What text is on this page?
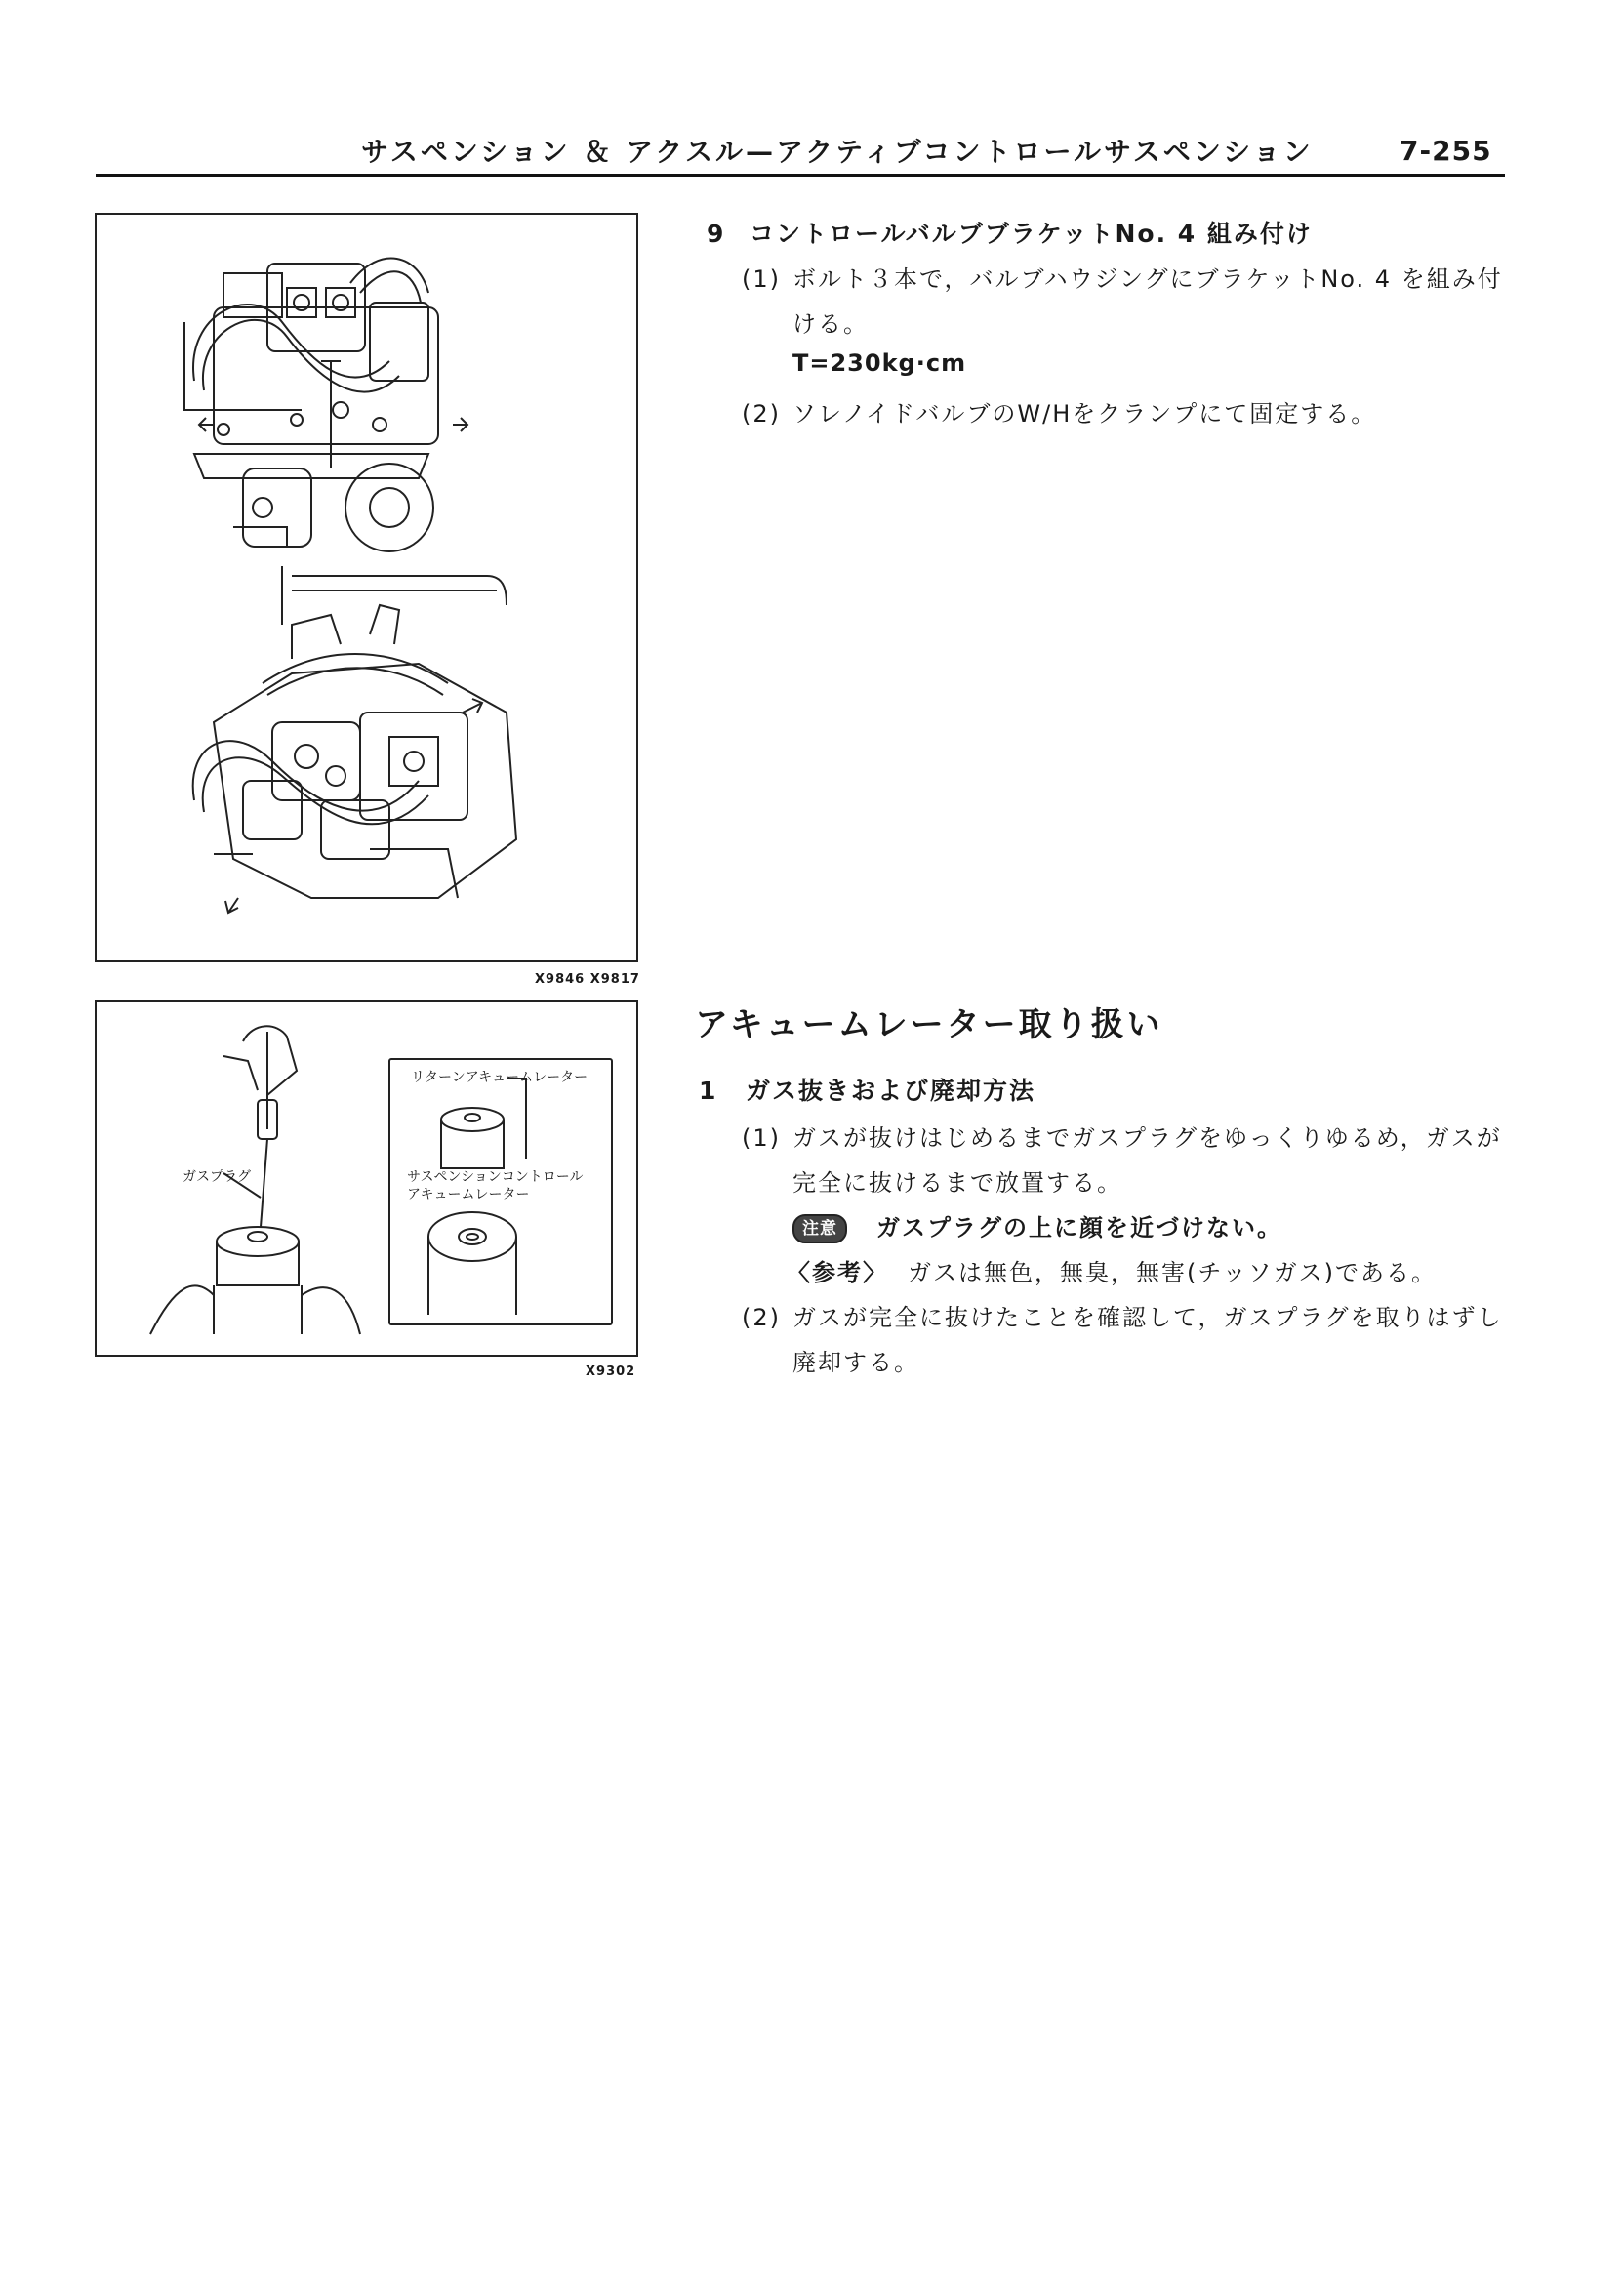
サスペンション ＆ アクスル—アクティブコントロールサスペンション	7-255
X9846 X9817
リターンアキュームレーター
ガスプラグ	サスペンションコントロール
アキュームレーター
X9302
9 コントロールバルブブラケットNo. 4 組み付け
(1) ボルト３本で，バルブハウジングにブラケットNo. 4 を組み付
ける。
T=230kg·cm
(2) ソレノイドバルブのW/Hをクランプにて固定する。
アキュームレーター取り扱い
1 ガス抜きおよび廃却方法
(1) ガスが抜けはじめるまでガスプラグをゆっくりゆるめ，ガスが
完全に抜けるまで放置する。
注意 ガスプラグの上に顔を近づけない。
〈参考〉 ガスは無色，無臭，無害(チッソガス)である。
(2) ガスが完全に抜けたことを確認して，ガスプラグを取りはずし
廃却する。
